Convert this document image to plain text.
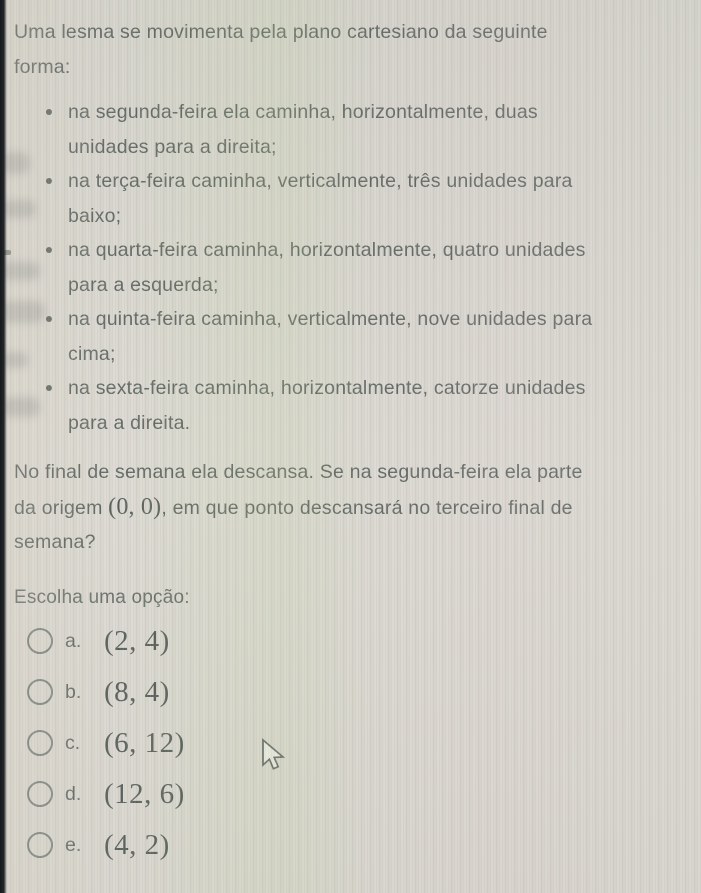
Uma lesma se movimenta pela plano cartesiano da seguinte forma:

na segunda-feira ela caminha, horizontalmente, duas unidades para a direita;
na terça-feira caminha, verticalmente, três unidades para baixo;
na quarta-feira caminha, horizontalmente, quatro unidades para a esquerda;
na quinta-feira caminha, verticalmente, nove unidades para cima;
na sexta-feira caminha, horizontalmente, catorze unidades para a direita.

No final de semana ela descansa. Se na segunda-feira ela parte da origem (0, 0), em que ponto descansará no terceiro final de semana?

Escolha uma opção:

a. (2, 4)
b. (8, 4)
c. (6, 12)
d. (12, 6)
e. (4, 2)
